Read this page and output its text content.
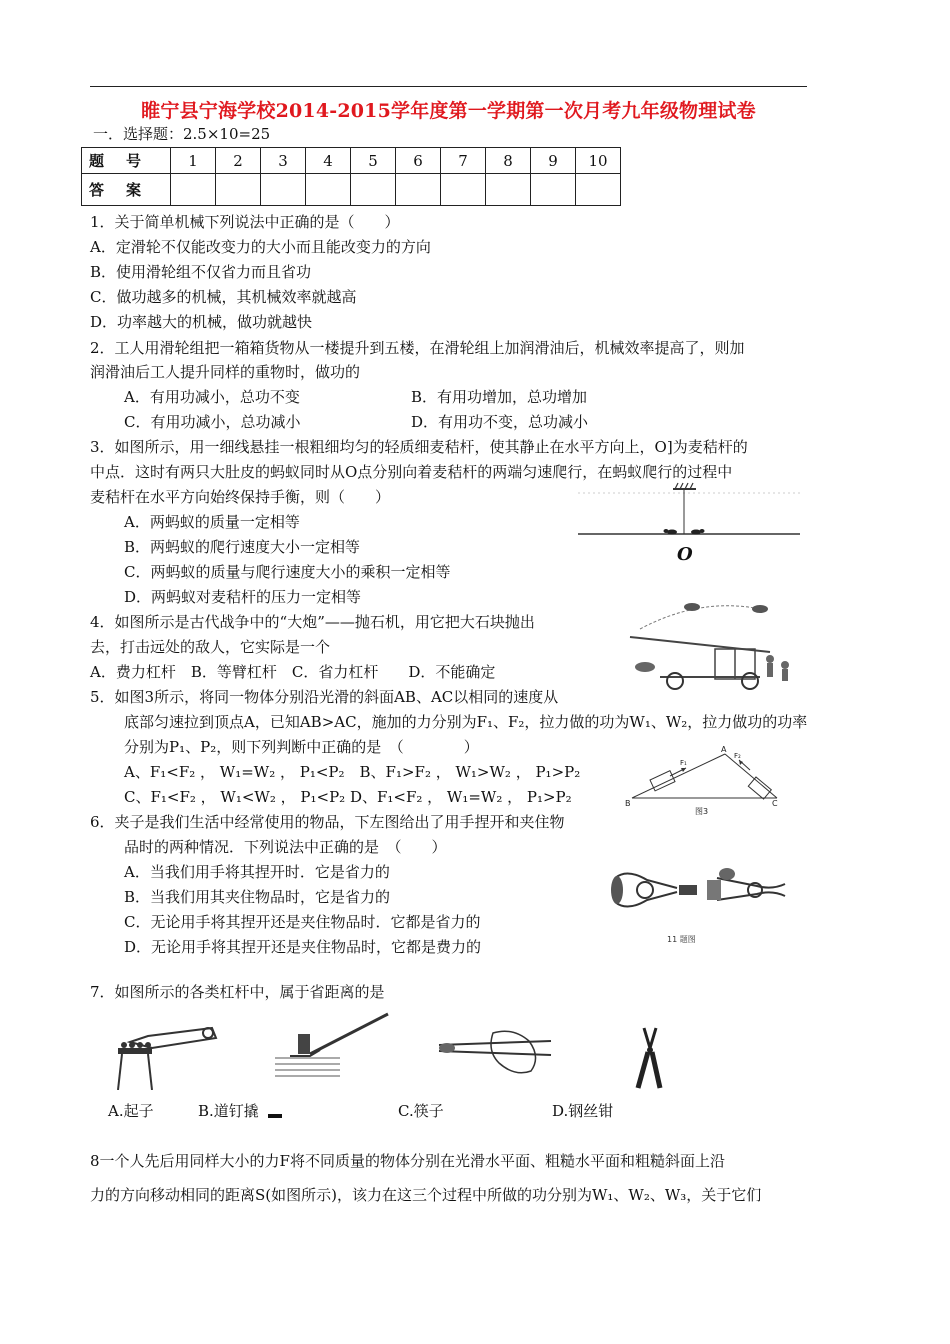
睢宁县宁海学校2014-2015学年度第一学期第一次月考九年级物理试卷
一．选择题：2.5×10=25
题号	1	2	3	4	5	6	7	8	9	10
答案										
1．关于简单机械下列说法中正确的是（　　）
A．定滑轮不仅能改变力的大小而且能改变力的方向
B．使用滑轮组不仅省力而且省功
C．做功越多的机械，其机械效率就越高
D．功率越大的机械，做功就越快
2．工人用滑轮组把一箱箱货物从一楼提升到五楼，在滑轮组上加润滑油后，机械效率提高了，则加
润滑油后工人提升同样的重物时，做功的
A．有用功减小，总功不变	B．有用功增加，总功增加
C．有用功减小，总功减小	D．有用功不变，总功减小
3．如图所示，用一细线悬挂一根粗细均匀的轻质细麦秸杆，使其静止在水平方向上，O]为麦秸杆的
中点．这时有两只大肚皮的蚂蚁同时从O点分别向着麦秸杆的两端匀速爬行，在蚂蚁爬行的过程中
麦秸杆在水平方向始终保持手衡，则（　　）
A．两蚂蚁的质量一定相等
B．两蚂蚁的爬行速度大小一定相等
C．两蚂蚁的质量与爬行速度大小的乘积一定相等
D．两蚂蚁对麦秸杆的压力一定相等
O
4．如图所示是古代战争中的“大炮”——抛石机，用它把大石块抛出
去，打击远处的敌人，它实际是一个
A．费力杠杆　B．等臂杠杆　C．省力杠杆　　D．不能确定
5．如图3所示，将同一物体分别沿光滑的斜面AB、AC以相同的速度从
底部匀速拉到顶点A，已知AB>AC，施加的力分别为F₁、F₂，拉力做的功为W₁、W₂，拉力做功的功率
分别为P₁、P₂，则下列判断中正确的是　（　　　　）
A、F₁<F₂ ， W₁=W₂ ， P₁<P₂　B、F₁>F₂ ， W₁>W₂ ， P₁>P₂
C、F₁<F₂ ， W₁<W₂ ， P₁<P₂ D、F₁<F₂ ， W₁=W₂ ， P₁>P₂
A
B	C
F₁
F₂
图3
6．夹子是我们生活中经常使用的物品，下左图给出了用手捏开和夹住物
品时的两种情况．下列说法中正确的是　（　　）
A．当我们用手将其捏开时．它是省力的
B．当我们用其夹住物品时，它是省力的
C．无论用手将其捏开还是夹住物品时．它都是省力的
D．无论用手将其捏开还是夹住物品时，它都是费力的	11 题图
7．如图所示的各类杠杆中，属于省距离的是
A.起子	B.道钉撬	C.筷子	D.钢丝钳
8一个人先后用同样大小的力F将不同质量的物体分别在光滑水平面、粗糙水平面和粗糙斜面上沿
力的方向移动相同的距离S(如图所示)，该力在这三个过程中所做的功分别为W₁、W₂、W₃，关于它们
